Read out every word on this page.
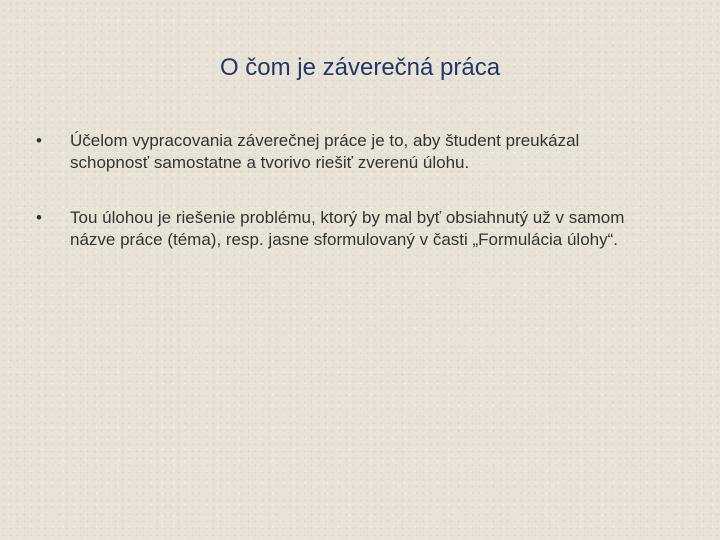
O čom je záverečná práca
•	Účelom vypracovania záverečnej práce je to, aby študent preukázal schopnosť samostatne a tvorivo riešiť zverenú úlohu.
•	Tou úlohou je riešenie problému, ktorý by mal byť obsiahnutý už v samom názve práce (téma), resp. jasne sformulovaný v časti „Formulácia úlohy“.
